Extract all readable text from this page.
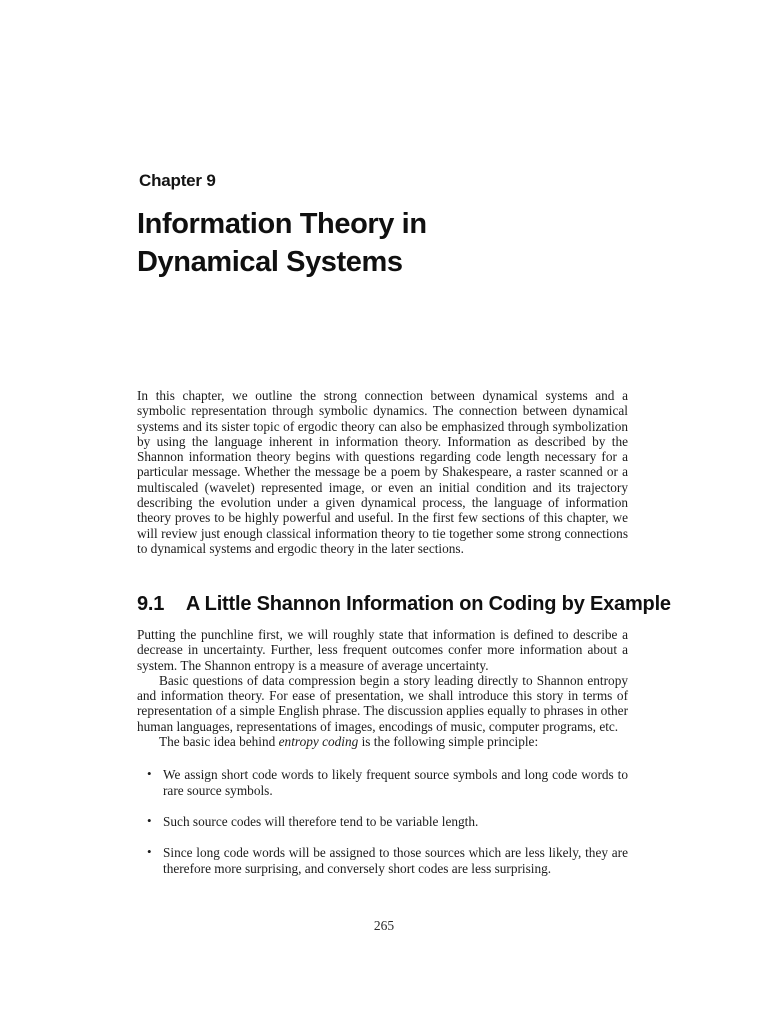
Chapter 9
Information Theory in
Dynamical Systems

In this chapter, we outline the strong connection between dynamical systems and a symbolic representation through symbolic dynamics. The connection between dynamical systems and its sister topic of ergodic theory can also be emphasized through symbolization by using the language inherent in information theory. Information as described by the Shannon information theory begins with questions regarding code length necessary for a particular message. Whether the message be a poem by Shakespeare, a raster scanned or a multiscaled (wavelet) represented image, or even an initial condition and its trajectory describing the evolution under a given dynamical process, the language of information theory proves to be highly powerful and useful. In the first few sections of this chapter, we will review just enough classical information theory to tie together some strong connections to dynamical systems and ergodic theory in the later sections.

9.1 A Little Shannon Information on Coding by Example

Putting the punchline first, we will roughly state that information is defined to describe a decrease in uncertainty. Further, less frequent outcomes confer more information about a system. The Shannon entropy is a measure of average uncertainty.

Basic questions of data compression begin a story leading directly to Shannon entropy and information theory. For ease of presentation, we shall introduce this story in terms of representation of a simple English phrase. The discussion applies equally to phrases in other human languages, representations of images, encodings of music, computer programs, etc.

The basic idea behind entropy coding is the following simple principle:

• We assign short code words to likely frequent source symbols and long code words to rare source symbols.
• Such source codes will therefore tend to be variable length.
• Since long code words will be assigned to those sources which are less likely, they are therefore more surprising, and conversely short codes are less surprising.
265
